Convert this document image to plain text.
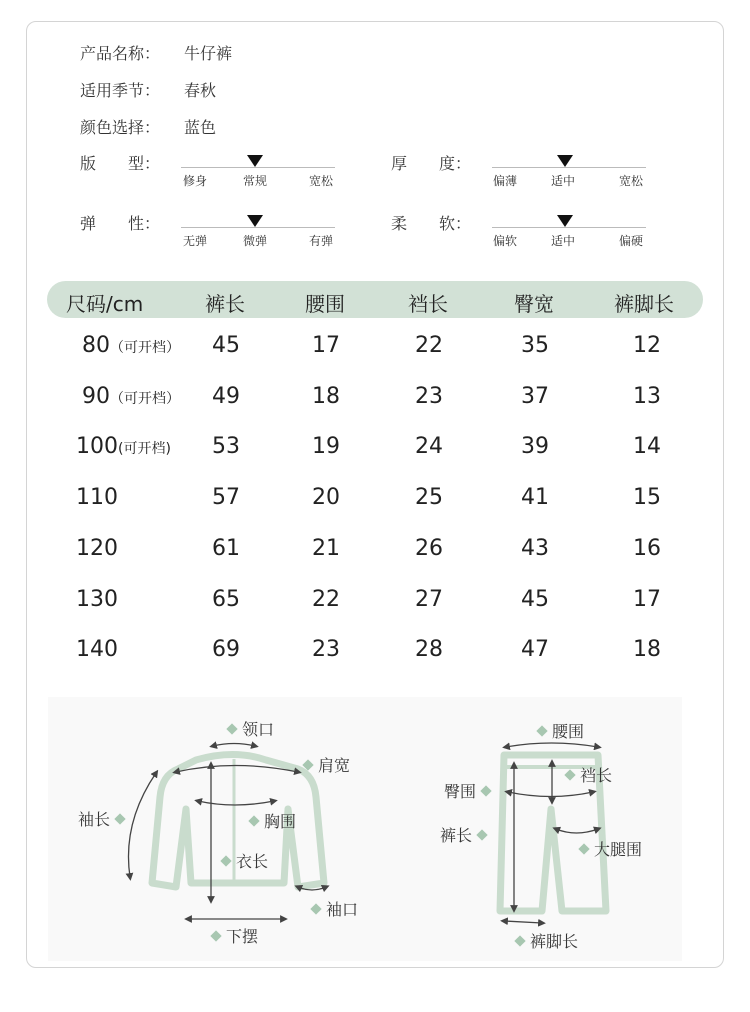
产品名称： 牛仔裤
适用季节： 春秋
颜色选择： 蓝色
版　　型：
修身	常规	宽松
厚　　度：
偏薄	适中	宽松
弹　　性：
无弹	微弹	有弹
柔　　软：
偏软	适中	偏硬
尺码/cm	裤长	腰围	裆长	臀宽	裤脚长
80（可开档） 45	17	22	35	12
90（可开档） 49	18	23	37	13
100(可开档) 53	19	24	39	14
110	57	20	25	41	15
120	61	21	26	43	16
130	65	22	27	45	17
140	69	23	28	47	18
领口
肩宽
袖长	胸围
衣长
袖口
下摆
腰围
臀围
裆长
裤长
大腿围
裤脚长
